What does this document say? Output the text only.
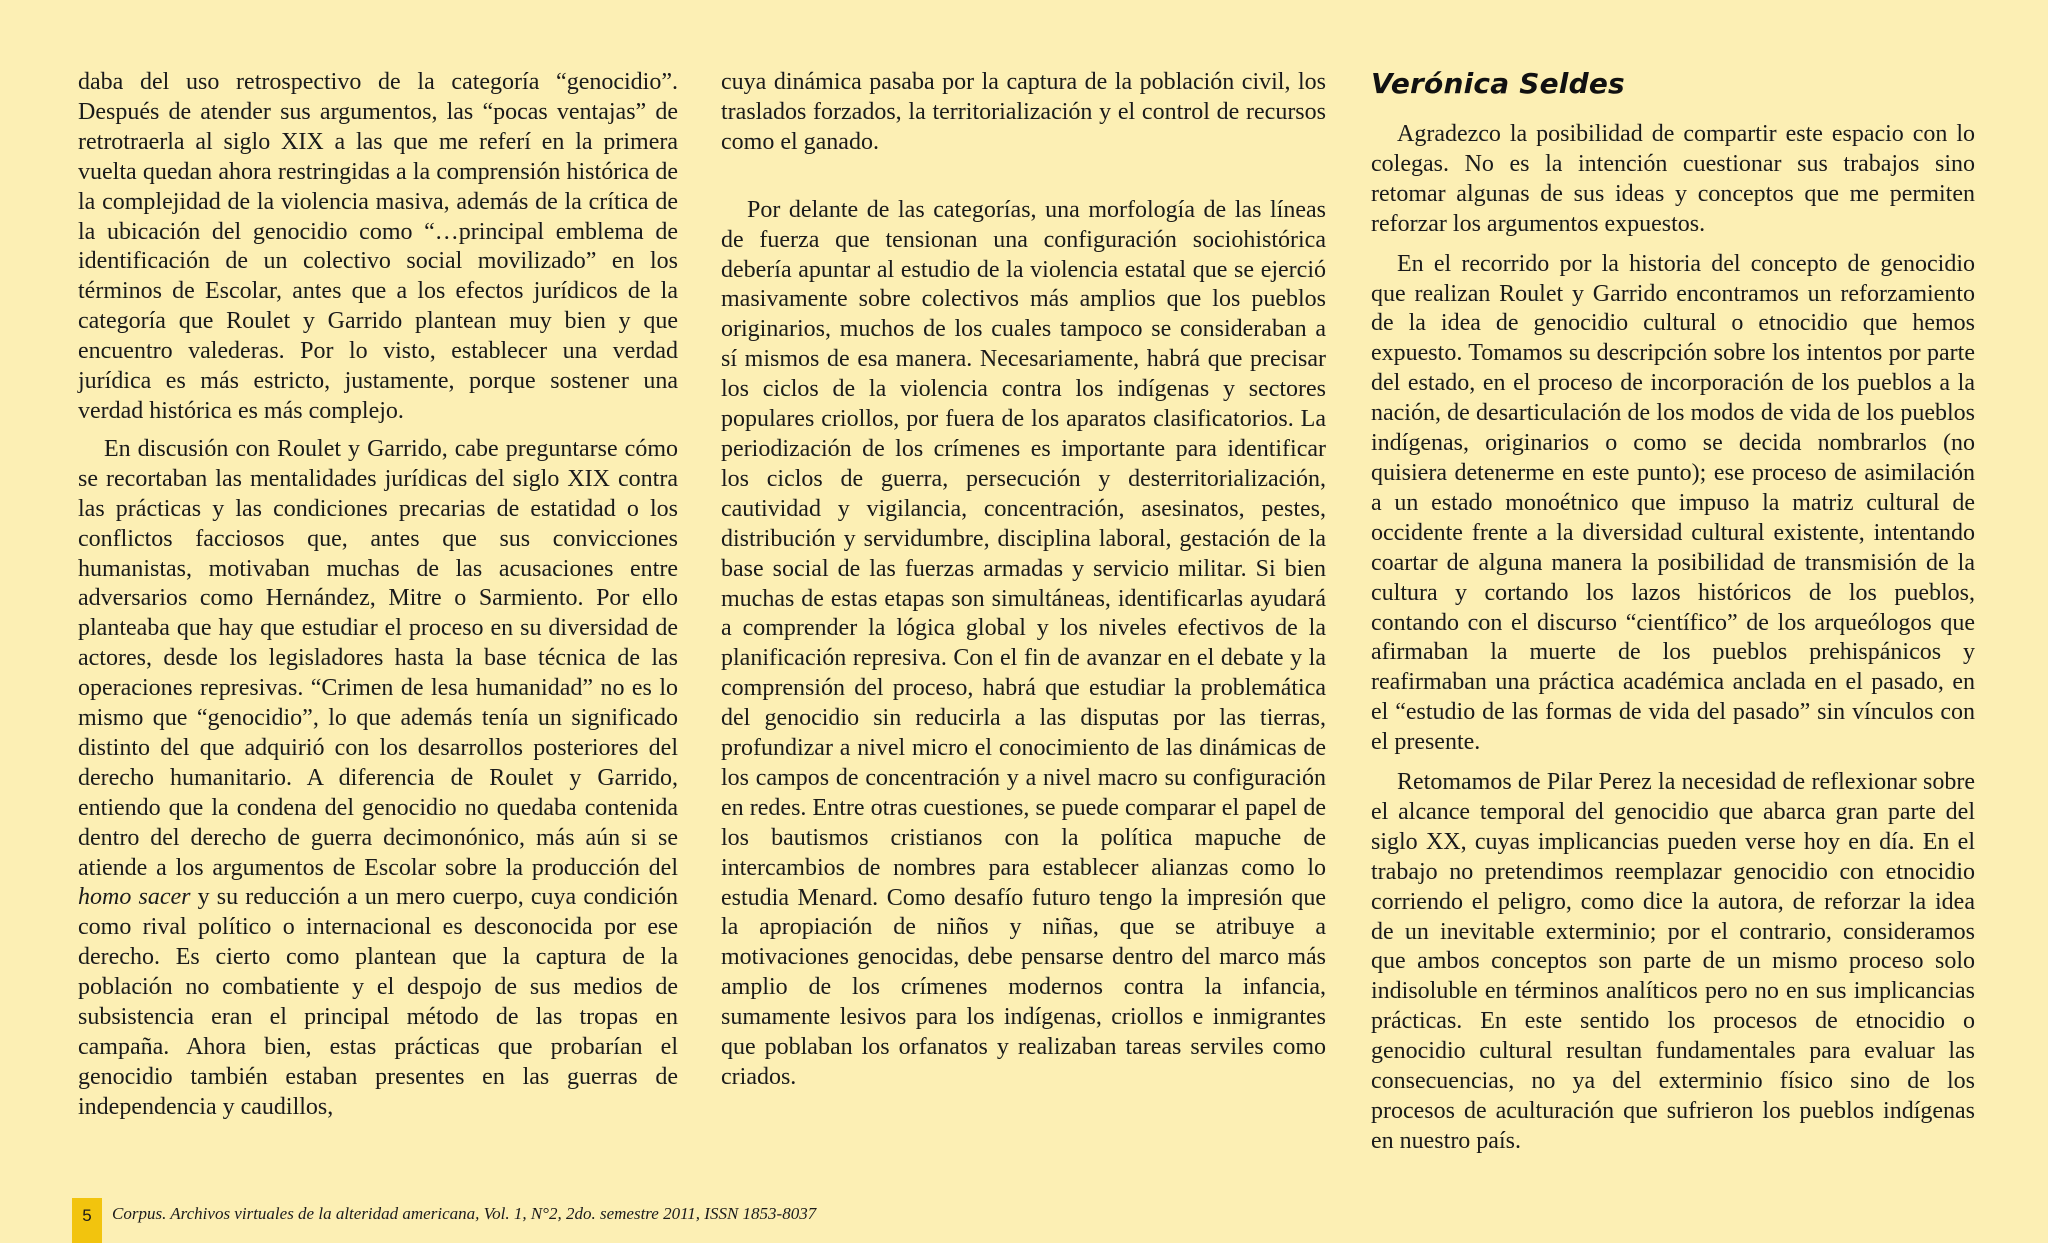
daba del uso retrospectivo de la categoría “genocidio”. Después de atender sus argumentos, las “pocas ventajas” de retrotraerla al siglo XIX a las que me referí en la primera vuelta quedan ahora restringidas a la comprensión histórica de la complejidad de la violencia masiva, además de la crítica de la ubicación del genocidio como “…principal emblema de identificación de un colectivo social movilizado” en los términos de Escolar, antes que a los efectos jurídicos de la categoría que Roulet y Garrido plantean muy bien y que encuentro valederas. Por lo visto, establecer una verdad jurídica es más estricto, justamente, porque sostener una verdad histórica es más complejo.

En discusión con Roulet y Garrido, cabe preguntarse cómo se recortaban las mentalidades jurídicas del siglo XIX contra las prácticas y las condiciones precarias de estatidad o los conflictos facciosos que, antes que sus convicciones humanistas, motivaban muchas de las acusaciones entre adversarios como Hernández, Mitre o Sarmiento. Por ello planteaba que hay que estudiar el proceso en su diversidad de actores, desde los legisladores hasta la base técnica de las operaciones represivas. “Crimen de lesa humanidad” no es lo mismo que “genocidio”, lo que además tenía un significado distinto del que adquirió con los desarrollos posteriores del derecho humanitario. A diferencia de Roulet y Garrido, entiendo que la condena del genocidio no quedaba contenida dentro del derecho de guerra decimonónico, más aún si se atiende a los argumentos de Escolar sobre la producción del homo sacer y su reducción a un mero cuerpo, cuya condición como rival político o internacional es desconocida por ese derecho. Es cierto como plantean que la captura de la población no combatiente y el despojo de sus medios de subsistencia eran el principal método de las tropas en campaña. Ahora bien, estas prácticas que probarían el genocidio también estaban presentes en las guerras de independencia y caudillos,

cuya dinámica pasaba por la captura de la población civil, los traslados forzados, la territorialización y el control de recursos como el ganado.

Por delante de las categorías, una morfología de las líneas de fuerza que tensionan una configuración sociohistórica debería apuntar al estudio de la violencia estatal que se ejerció masivamente sobre colectivos más amplios que los pueblos originarios, muchos de los cuales tampoco se consideraban a sí mismos de esa manera. Necesariamente, habrá que precisar los ciclos de la violencia contra los indígenas y sectores populares criollos, por fuera de los aparatos clasificatorios. La periodización de los crímenes es importante para identificar los ciclos de guerra, persecución y desterritorialización, cautividad y vigilancia, concentración, asesinatos, pestes, distribución y servidumbre, disciplina laboral, gestación de la base social de las fuerzas armadas y servicio militar. Si bien muchas de estas etapas son simultáneas, identificarlas ayudará a comprender la lógica global y los niveles efectivos de la planificación represiva. Con el fin de avanzar en el debate y la comprensión del proceso, habrá que estudiar la problemática del genocidio sin reducirla a las disputas por las tierras, profundizar a nivel micro el conocimiento de las dinámicas de los campos de concentración y a nivel macro su configuración en redes. Entre otras cuestiones, se puede comparar el papel de los bautismos cristianos con la política mapuche de intercambios de nombres para establecer alianzas como lo estudia Menard. Como desafío futuro tengo la impresión que la apropiación de niños y niñas, que se atribuye a motivaciones genocidas, debe pensarse dentro del marco más amplio de los crímenes modernos contra la infancia, sumamente lesivos para los indígenas, criollos e inmigrantes que poblaban los orfanatos y realizaban tareas serviles como criados.

Verónica Seldes

Agradezco la posibilidad de compartir este espacio con lo colegas. No es la intención cuestionar sus trabajos sino retomar algunas de sus ideas y conceptos que me permiten reforzar los argumentos expuestos.

En el recorrido por la historia del concepto de genocidio que realizan Roulet y Garrido encontramos un reforzamiento de la idea de genocidio cultural o etnocidio que hemos expuesto. Tomamos su descripción sobre los intentos por parte del estado, en el proceso de incorporación de los pueblos a la nación, de desarticulación de los modos de vida de los pueblos indígenas, originarios o como se decida nombrarlos (no quisiera detenerme en este punto); ese proceso de asimilación a un estado monoétnico que impuso la matriz cultural de occidente frente a la diversidad cultural existente, intentando coartar de alguna manera la posibilidad de transmisión de la cultura y cortando los lazos históricos de los pueblos, contando con el discurso “científico” de los arqueólogos que afirmaban la muerte de los pueblos prehispánicos y reafirmaban una práctica académica anclada en el pasado, en el “estudio de las formas de vida del pasado” sin vínculos con el presente.

Retomamos de Pilar Perez la necesidad de reflexionar sobre el alcance temporal del genocidio que abarca gran parte del siglo XX, cuyas implicancias pueden verse hoy en día. En el trabajo no pretendimos reemplazar genocidio con etnocidio corriendo el peligro, como dice la autora, de reforzar la idea de un inevitable exterminio; por el contrario, consideramos que ambos conceptos son parte de un mismo proceso solo indisoluble en términos analíticos pero no en sus implicancias prácticas. En este sentido los procesos de etnocidio o genocidio cultural resultan fundamentales para evaluar las consecuencias, no ya del exterminio físico sino de los procesos de aculturación que sufrieron los pueblos indígenas en nuestro país.

5	Corpus. Archivos virtuales de la alteridad americana, Vol. 1, N°2, 2do. semestre 2011, ISSN 1853-8037
